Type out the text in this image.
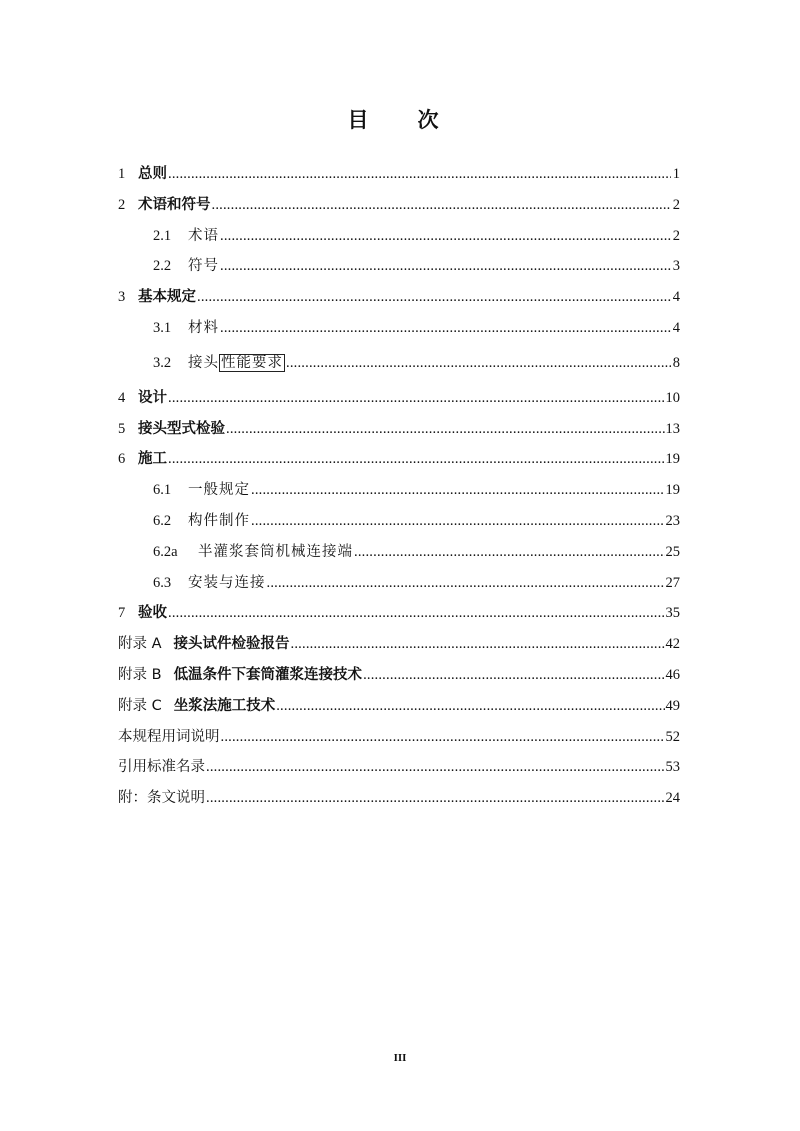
目　次
1 总则 .....	1
2 术语和符号 .....	2
2.1	术语 .....	2
2.2	符号 .....	3
3 基本规定 .....	4
3.1	材料 .....	4
3.2	接头 性能要求 .....	8
4 设计 .....	10
5 接头型式检验 .....	13
6 施工 .....	19
6.1	一般规定 .....	19
6.2	构件制作 .....	23
6.2a	半灌浆套筒机械连接端 .....	25
6.3	安装与连接 .....	27
7 验收 .....	35
附录 A 接头试件检验报告 .....	42
附录 B 低温条件下套筒灌浆连接技术 .....	46
附录 C 坐浆法施工技术 .....	49
本规程用词说明 .....	52
引用标准名录 .....	53
附：条文说明 .....	24
III
